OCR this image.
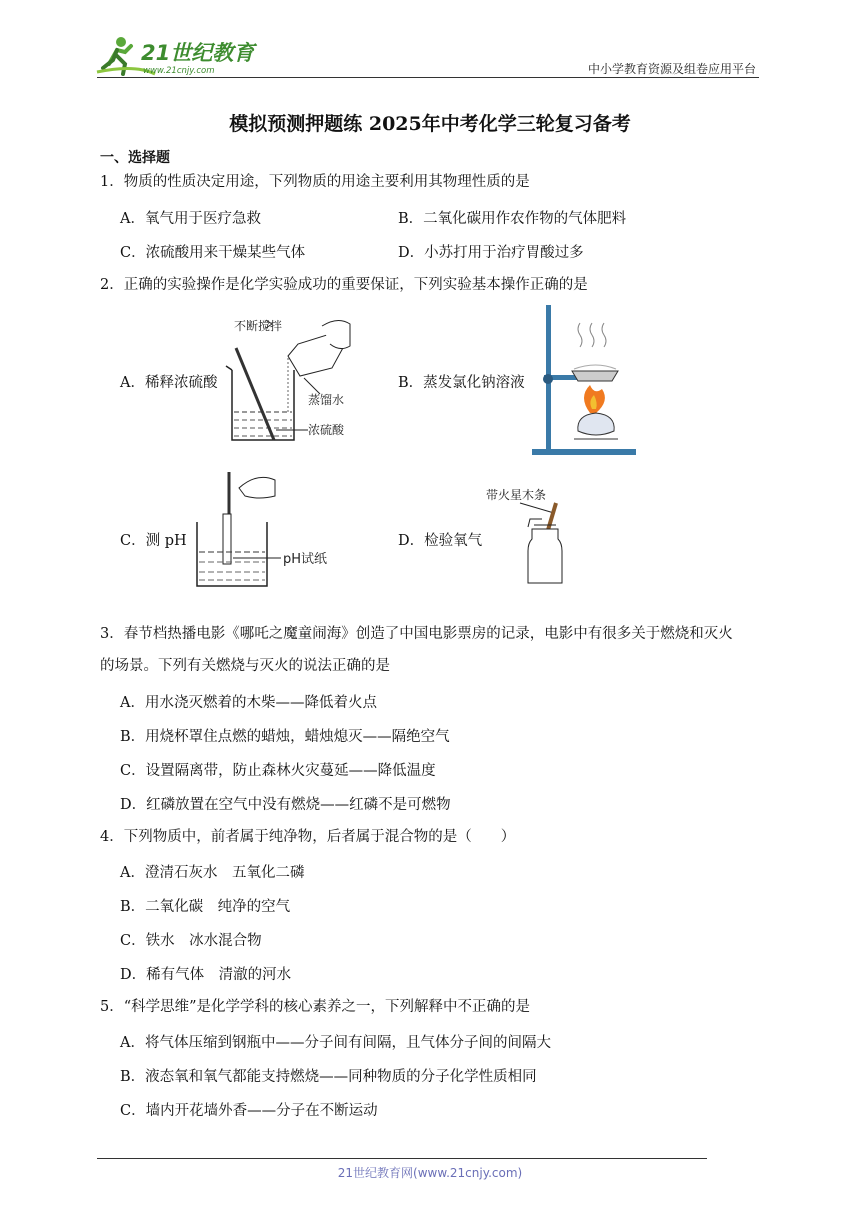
21世纪教育
www.21cnjy.com	中小学教育资源及组卷应用平台
模拟预测押题练 2025年中考化学三轮复习备考
一、选择题
1．物质的性质决定用途，下列物质的用途主要利用其物理性质的是
A．氧气用于医疗急救	B．二氧化碳用作农作物的气体肥料
C．浓硫酸用来干燥某些气体	D．小苏打用于治疗胃酸过多
2．正确的实验操作是化学实验成功的重要保证，下列实验基本操作正确的是
A．稀释浓硫酸	B．蒸发氯化钠溶液
C．测 pH	D．检验氧气
不断搅拌
蒸馏水
浓硫酸
pH试纸
带火星木条
3．春节档热播电影《哪吒之魔童闹海》创造了中国电影票房的记录，电影中有很多关于燃烧和灭火
的场景。下列有关燃烧与灭火的说法正确的是
A．用水浇灭燃着的木柴——降低着火点
B．用烧杯罩住点燃的蜡烛，蜡烛熄灭——隔绝空气
C．设置隔离带，防止森林火灾蔓延——降低温度
D．红磷放置在空气中没有燃烧——红磷不是可燃物
4．下列物质中，前者属于纯净物，后者属于混合物的是（　　）
A．澄清石灰水　五氧化二磷
B．二氧化碳　纯净的空气
C．铁水　冰水混合物
D．稀有气体　清澈的河水
5．“科学思维”是化学学科的核心素养之一，下列解释中不正确的是
A．将气体压缩到钢瓶中——分子间有间隔，且气体分子间的间隔大
B．液态氧和氧气都能支持燃烧——同种物质的分子化学性质相同
C．墙内开花墙外香——分子在不断运动
21世纪教育网(www.21cnjy.com)
